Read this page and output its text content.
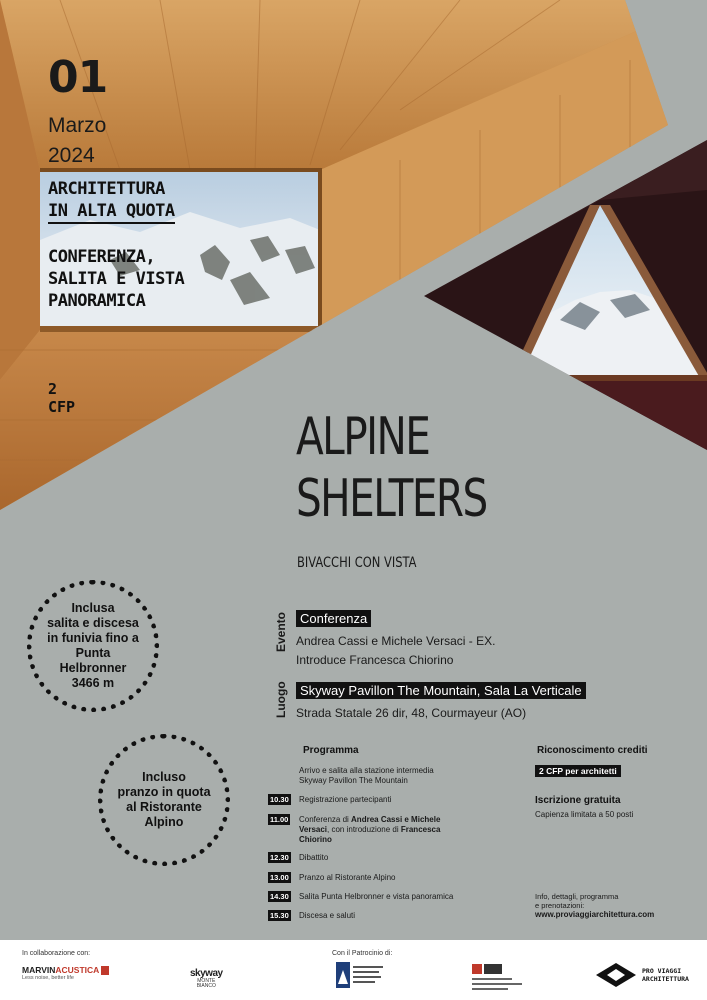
01
Marzo
2024
ARCHITETTURA
IN ALTA QUOTA
CONFERENZA,
SALITA E VISTA
PANORAMICA
2
CFP	ALPINE
SHELTERS
BIVACCHI CON VISTA
Evento Conferenza
Andrea Cassi e Michele Versaci - EX.
Introduce Francesca Chiorino
Luogo Skyway Pavillon The Mountain, Sala La Verticale
Strada Statale 26 dir, 48, Courmayeur (AO)
Inclusa
salita e discesa
in funivia fino a
Punta
Helbronner
3466 m
Incluso
pranzo in quota
al Ristorante
Alpino
Programma
Arrivo e salita alla stazione intermedia
Skyway Pavillon The Mountain
10.30 Registrazione partecipanti
11.00 Conferenza di Andrea Cassi e Michele
Versaci, con introduzione di Francesca
Chiorino
12.30 Dibattito
13.00 Pranzo al Ristorante Alpino
14.30 Salita Punta Helbronner e vista panoramica
15.30 Discesa e saluti
Riconoscimento crediti
2 CFP per architetti
Iscrizione gratuita
Capienza limitata a 50 posti
Info, dettagli, programma
e prenotazioni:
www.proviaggiarchitettura.com
In collaborazione con:	Con il Patrocinio di:
MARVINACUSTICA
Less noise, better life	skyway
MONTE
BIANCO
PRO VIAGGI
ARCHITETTURA
